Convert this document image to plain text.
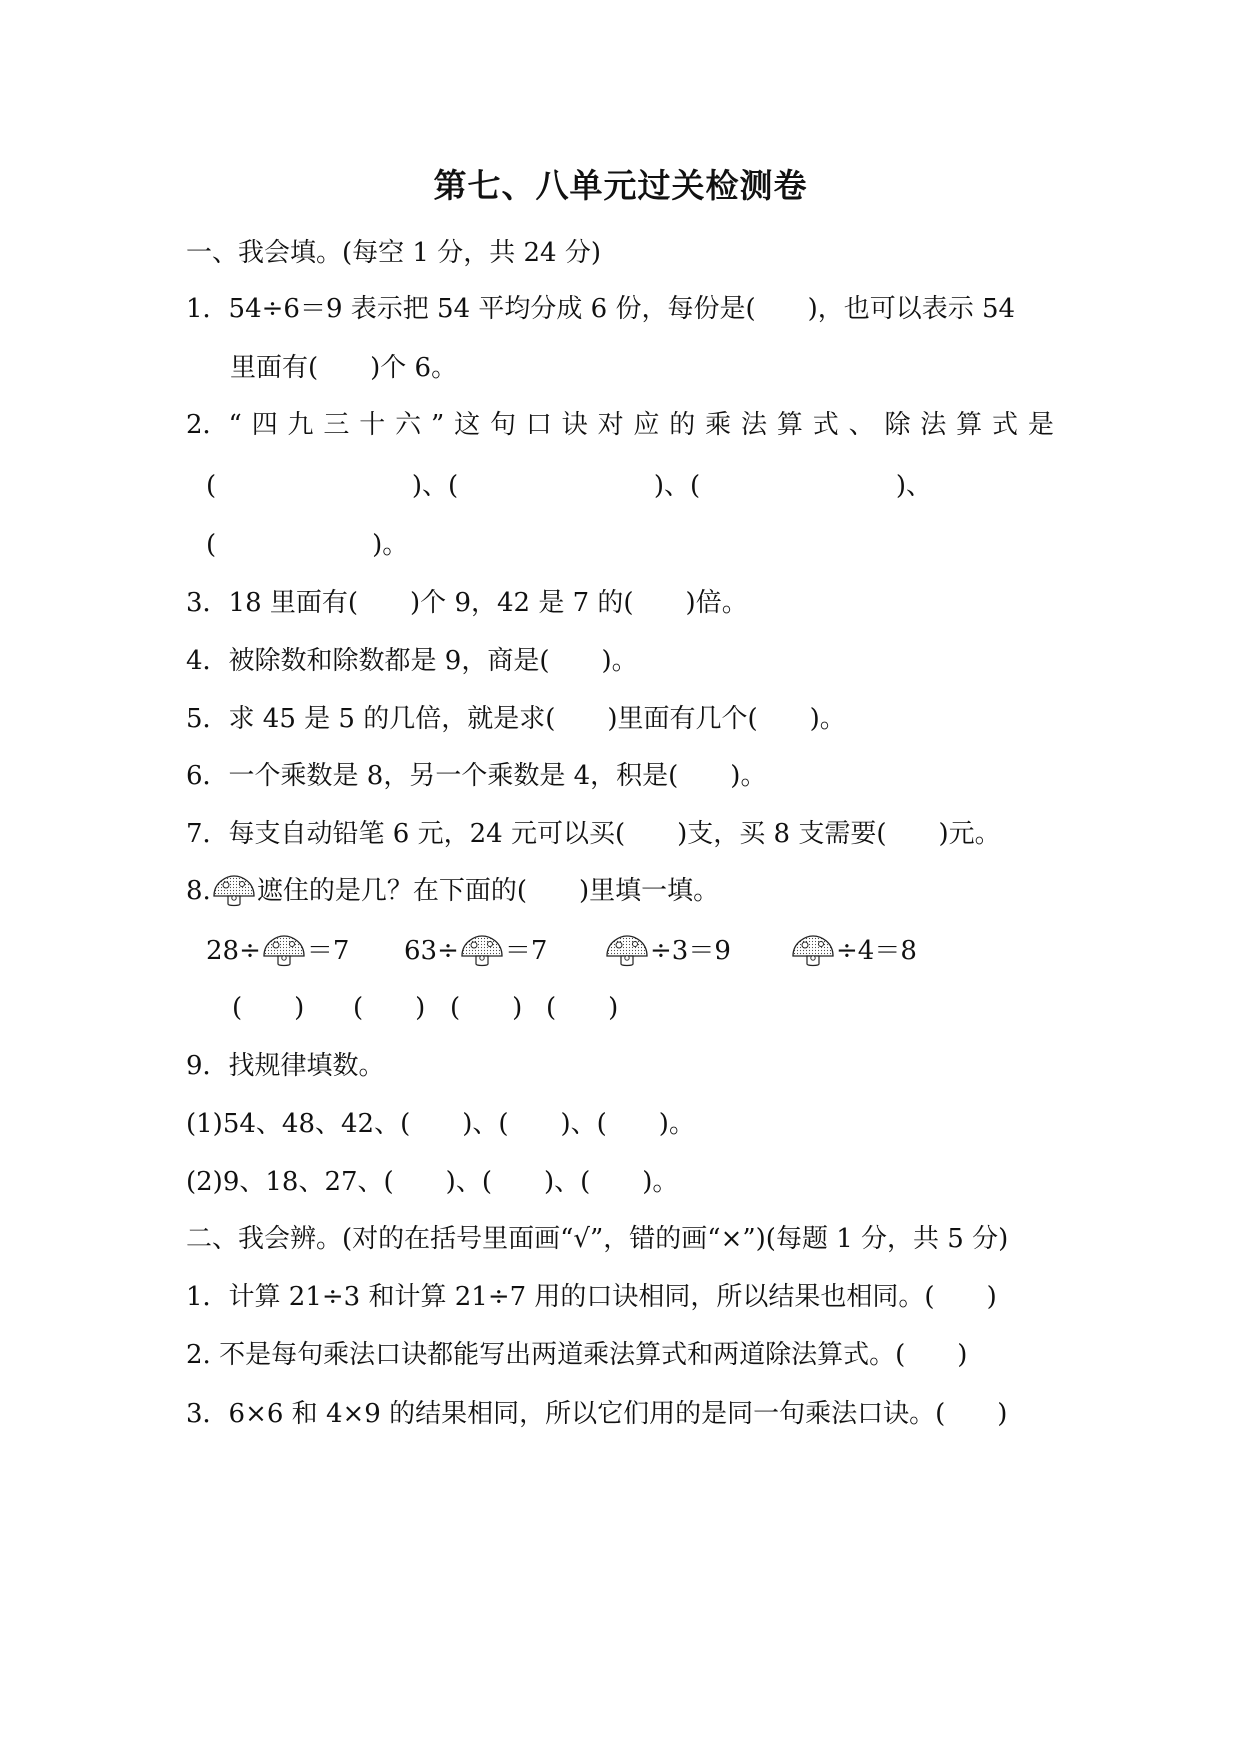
第七、八单元过关检测卷
一、我会填。(每空 1 分，共 24 分)
1．54÷6＝9 表示把 54 平均分成 6 份，每份是(　　)，也可以表示 54
里面有(　　)个 6。
2．“ 四 九 三 十 六 ” 这 句 口 诀 对 应 的 乘 法 算 式 、 除 法 算 式 是
(	)、(	)、(	)、
(　　　　　　)。
3．18 里面有(　　)个 9，42 是 7 的(　　)倍。
4．被除数和除数都是 9，商是(　　)。
5．求 45 是 5 的几倍，就是求(　　)里面有几个(　　)。
6．一个乘数是 8，另一个乘数是 4，积是(　　)。
7．每支自动铅笔 6 元，24 元可以买(　　)支，买 8 支需要(　　)元。
8. 遮住的是几？在下面的(　　)里填一填。
28÷ ＝7 63÷ ＝7	÷3＝9	÷4＝8
(　　) (　　) (　　) (　　)
9．找规律填数。
(1)54、48、42、(　　)、(　　)、(　　)。
(2)9、18、27、(　　)、(　　)、(　　)。
二、我会辨。(对的在括号里面画“√”，错的画“×”)(每题 1 分，共 5 分)
1．计算 21÷3 和计算 21÷7 用的口诀相同，所以结果也相同。(　　)
2. 不是每句乘法口诀都能写出两道乘法算式和两道除法算式。(　　)
3．6×6 和 4×9 的结果相同，所以它们用的是同一句乘法口诀。(　　)
